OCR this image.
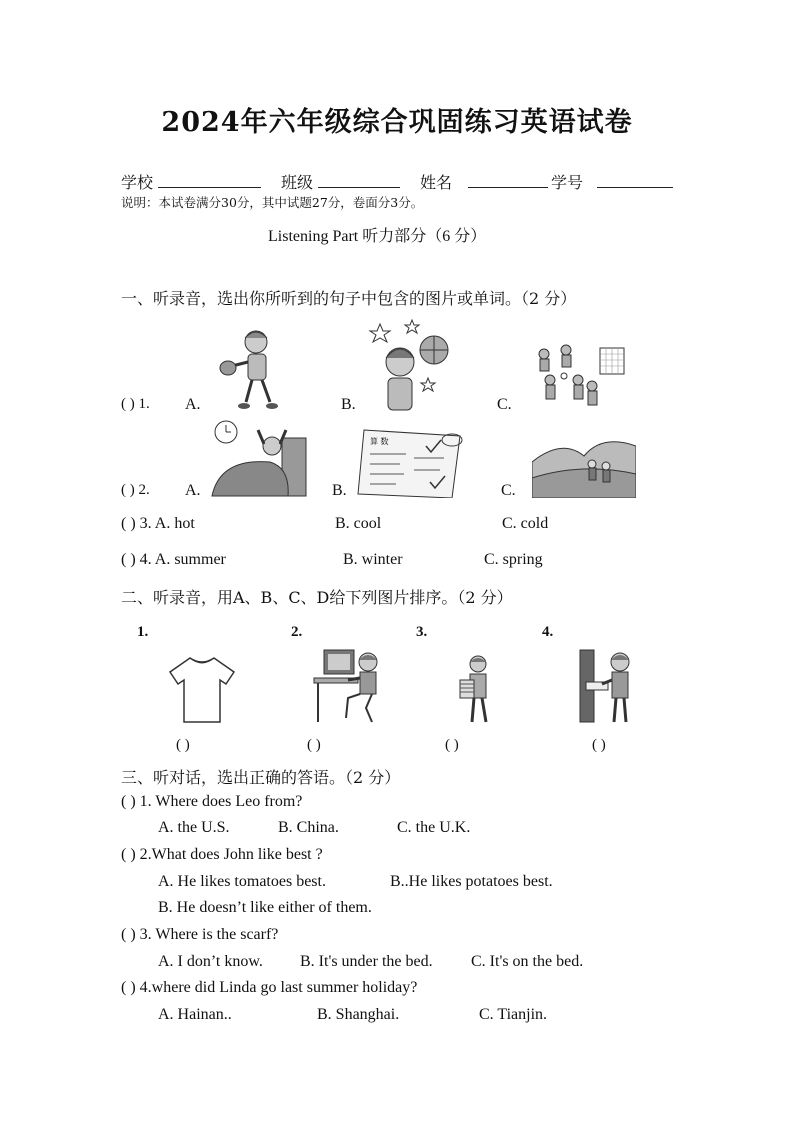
2024年六年级综合巩固练习英语试卷
学校	班级	姓名	学号
说明：本试卷满分30分，其中试题27分，卷面分3分。
Listening Part 听力部分（6 分）
一、听录音，选出你所听到的句子中包含的图片或单词。（2 分）
( ) 1. A.	B.	C.
算 数
( ) 2. A.	B.	C.
( ) 3. A. hot	B. cool	C. cold
( ) 4. A. summer	B. winter	C. spring
二、听录音，用A、B、C、D给下列图片排序。（2 分）
1.	2.	3.	4.
( )	( )	( )	( )
三、听对话，选出正确的答语。（2 分）
( ) 1. Where does Leo from?
A. the U.S.	B. China.	C. the U.K.
( ) 2.What does John like best ?
A. He likes tomatoes best.	B..He likes potatoes best.
B. He doesn’t like either of them.
( ) 3. Where is the scarf?
A. I don’t know. B. It's under the bed. C. It's on the bed.
( ) 4.where did Linda go last summer holiday?
A. Hainan..	B. Shanghai.	C. Tianjin.
